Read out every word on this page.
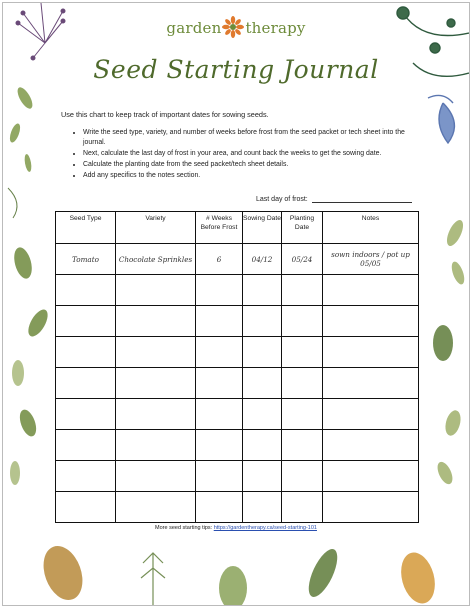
garden therapy
Seed Starting Journal
Use this chart to keep track of important dates for sowing seeds.
• Write the seed type, variety, and number of weeks before frost from the seed packet or tech sheet into the journal.
• Next, calculate the last day of frost in your area, and count back the weeks to get the sowing date.
• Calculate the planting date from the seed packet/tech sheet details.
• Add any specifics to the notes section.
Last day of frost:
Seed Type	Variety	# Weeks Before Frost	Sowing Date	Planting Date	Notes
Tomato	Chocolate Sprinkles	6	04/12	05/24	sown indoors / pot up 05/05

More seed starting tips: https://gardentherapy.ca/seed-starting-101
